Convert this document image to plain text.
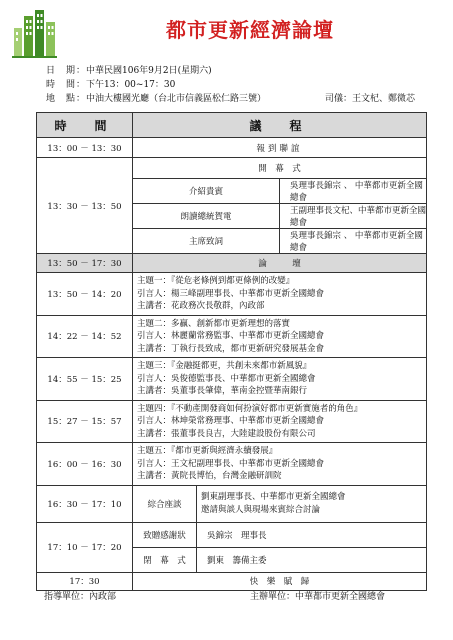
都市更新經濟論壇
日　期：中華民國106年9月2日(星期六)
時　間：下午13：00~17：30
地　點：中油大樓國光廳（台北市信義區松仁路三號）	司儀：王文杞、鄭微芯
時　間	議　程
13：00 － 13：30	報到聯誼
13：30 － 13：50	
開　幕　式
介紹貴賓	吳理事長錦宗 、 中華都市更新全國總會
朗讀總統賀電	王副理事長文杞、中華都市更新全國總會
主席致詞	吳理事長錦宗 、 中華都市更新全國總會

13：50 － 17：30	論　　　壇
13：50 － 14：20	
主題一：『從危老條例到都更條例的改變』
引言人：楊三峰副理事長、中華都市更新全國總會
主講者：花政務次長敬群，內政部

14：22 － 14：52	
主題二：多贏、創新都市更新理想的落實
引言人：林麗蘭常務監事、中華都市更新全國總會
主講者：丁執行長致成，都市更新研究發展基金會

14：55 － 15：25	
主題三：『金融挺都更，共創未來都市新風貌』
引言人：吳俊德監事長、中華都市更新全國總會
主講者：吳董事長肇偉，華南金控暨華南銀行

15：27 － 15：57	
主題四：『不動產開發商如何扮演好都市更新實施者的角色』
引言人：林坤榮常務理事、中華都市更新全國總會
主講者：張董事長良吉，大陸建設股份有限公司

16：00 － 16：30	
主題五：『都市更新與經濟永續發展』
引言人：王文杞副理事長、中華都市更新全國總會
主講者：黃院長博怡，台灣金融研訓院

16：30 － 17：10		綜合座談	
劉東副理事長、中華都市更新全國總會
邀請與談人與現場來賓綜合討論

17：10 － 17：20	
致贈感謝狀	吳錦宗　理事長
閉　幕　式	劉東　籌備主委

17：30	快　樂　賦　歸
指導單位：內政部	主辦單位：中華都市更新全國總會
